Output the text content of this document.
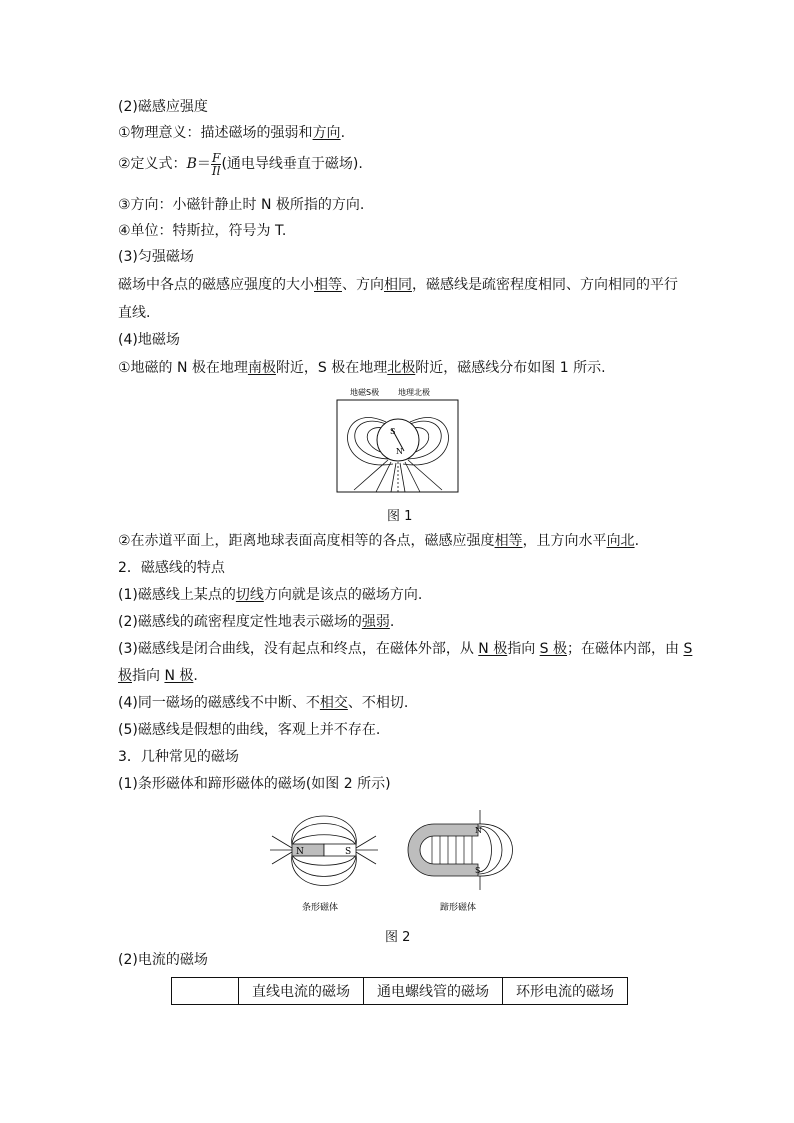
(2)磁感应强度
①物理意义：描述磁场的强弱和方向.
②定义式：$B= \frac{F}{Il}$ (通电导线垂直于磁场).
③方向：小磁针静止时 N 极所指的方向.
④单位：特斯拉，符号为 T.
(3)匀强磁场
磁场中各点的磁感应强度的大小相等、方向相同，磁感线是疏密程度相同、方向相同的平行
直线.
(4)地磁场
①地磁的 N 极在地理南极附近，S 极在地理北极附近，磁感线分布如图 1 所示.
地磁S极 地理北极
S
N
图 1
②在赤道平面上，距离地球表面高度相等的各点，磁感应强度相等，且方向水平向北.
2．磁感线的特点
(1)磁感线上某点的切线方向就是该点的磁场方向.
(2)磁感线的疏密程度定性地表示磁场的强弱.
(3)磁感线是闭合曲线，没有起点和终点，在磁体外部，从 N 极指向 S 极；在磁体内部，由 S
极指向 N 极.
(4)同一磁场的磁感线不中断、不相交、不相切.
(5)磁感线是假想的曲线，客观上并不存在.
3．几种常见的磁场
(1)条形磁体和蹄形磁体的磁场(如图 2 所示)
N	S
条形磁体
N
S
蹄形磁体
图 2
(2)电流的磁场
	直线电流的磁场	通电螺线管的磁场	环形电流的磁场
